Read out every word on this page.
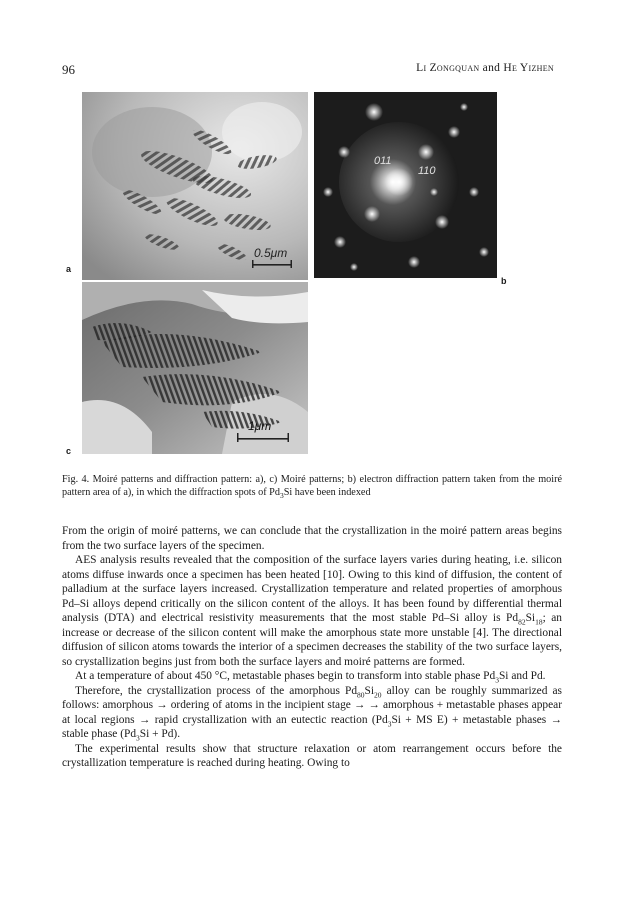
96	Li Zongquan and He Yizhen
0.5μm
011
110
1μm
a
b
c
Fig. 4. Moiré patterns and diffraction pattern: a), c) Moiré patterns; b) electron diffraction pattern taken from the moiré pattern area of a), in which the diffraction spots of $Pd_3Si$ have been indexed

From the origin of moiré patterns, we can conclude that the crystallization in the moiré pattern areas begins from the two surface layers of the specimen.

AES analysis results revealed that the composition of the surface layers varies during heating, i.e. silicon atoms diffuse inwards once a specimen has been heated [10]. Owing to this kind of diffusion, the content of palladium at the surface layers increased. Crystallization temperature and related properties of amorphous Pd–Si alloys depend critically on the silicon content of the alloys. It has been found by differential thermal analysis (DTA) and electrical resistivity measurements that the most stable Pd–Si alloy is $Pd_{82}Si_{18}$; an increase or decrease of the silicon content will make the amorphous state more unstable [4]. The directional diffusion of silicon atoms towards the interior of a specimen decreases the stability of the two surface layers, so crystallization begins just from both the surface layers and moiré patterns are formed.

At a temperature of about 450 °C, metastable phases begin to transform into stable phase $Pd_3Si$ and Pd.

Therefore, the crystallization process of the amorphous $Pd_{80}Si_{20}$ alloy can be roughly summarized as follows: amorphous → ordering of atoms in the incipient stage → → amorphous + metastable phases appear at local regions → rapid crystallization with an eutectic reaction ($Pd_3Si$ + MS E) + metastable phases → stable phase $(Pd_3Si + Pd)$.

The experimental results show that structure relaxation or atom rearrangement occurs before the crystallization temperature is reached during heating. Owing to
